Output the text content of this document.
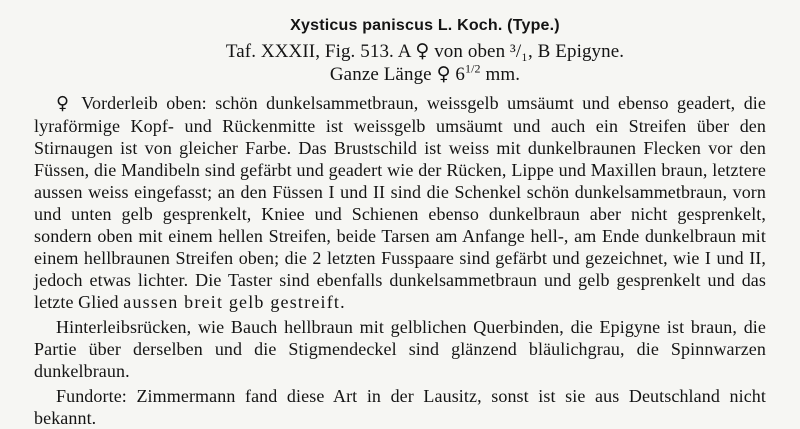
Xysticus paniscus L. Koch. (Type.)
Taf. XXXII, Fig. 513. A ♀ von oben ³/₁, B Epigyne.
Ganze Länge ♀ $6^{1/2}$ mm.

♀ Vorderleib oben: schön dunkelsammetbraun, weissgelb umsäumt und ebenso geadert, die lyraförmige Kopf- und Rückenmitte ist weissgelb umsäumt und auch ein Streifen über den Stirnaugen ist von gleicher Farbe. Das Brustschild ist weiss mit dunkelbraunen Flecken vor den Füssen, die Mandibeln sind gefärbt und geadert wie der Rücken, Lippe und Maxillen braun, letztere aussen weiss eingefasst; an den Füssen I und II sind die Schenkel schön dunkelsammetbraun, vorn und unten gelb gesprenkelt, Kniee und Schienen ebenso dunkelbraun aber nicht gesprenkelt, sondern oben mit einem hellen Streifen, beide Tarsen am Anfange hell-, am Ende dunkelbraun mit einem hellbraunen Streifen oben; die 2 letzten Fusspaare sind gefärbt und gezeichnet, wie I und II, jedoch etwas lichter. Die Taster sind ebenfalls dunkelsammetbraun und gelb gesprenkelt und das letzte Glied aussen breit gelb gestreift.

Hinterleibsrücken, wie Bauch hellbraun mit gelblichen Querbinden, die Epigyne ist braun, die Partie über derselben und die Stigmendeckel sind glänzend bläulichgrau, die Spinnwarzen dunkelbraun.

Fundorte: Zimmermann fand diese Art in der Lausitz, sonst ist sie aus Deutschland nicht bekannt.
